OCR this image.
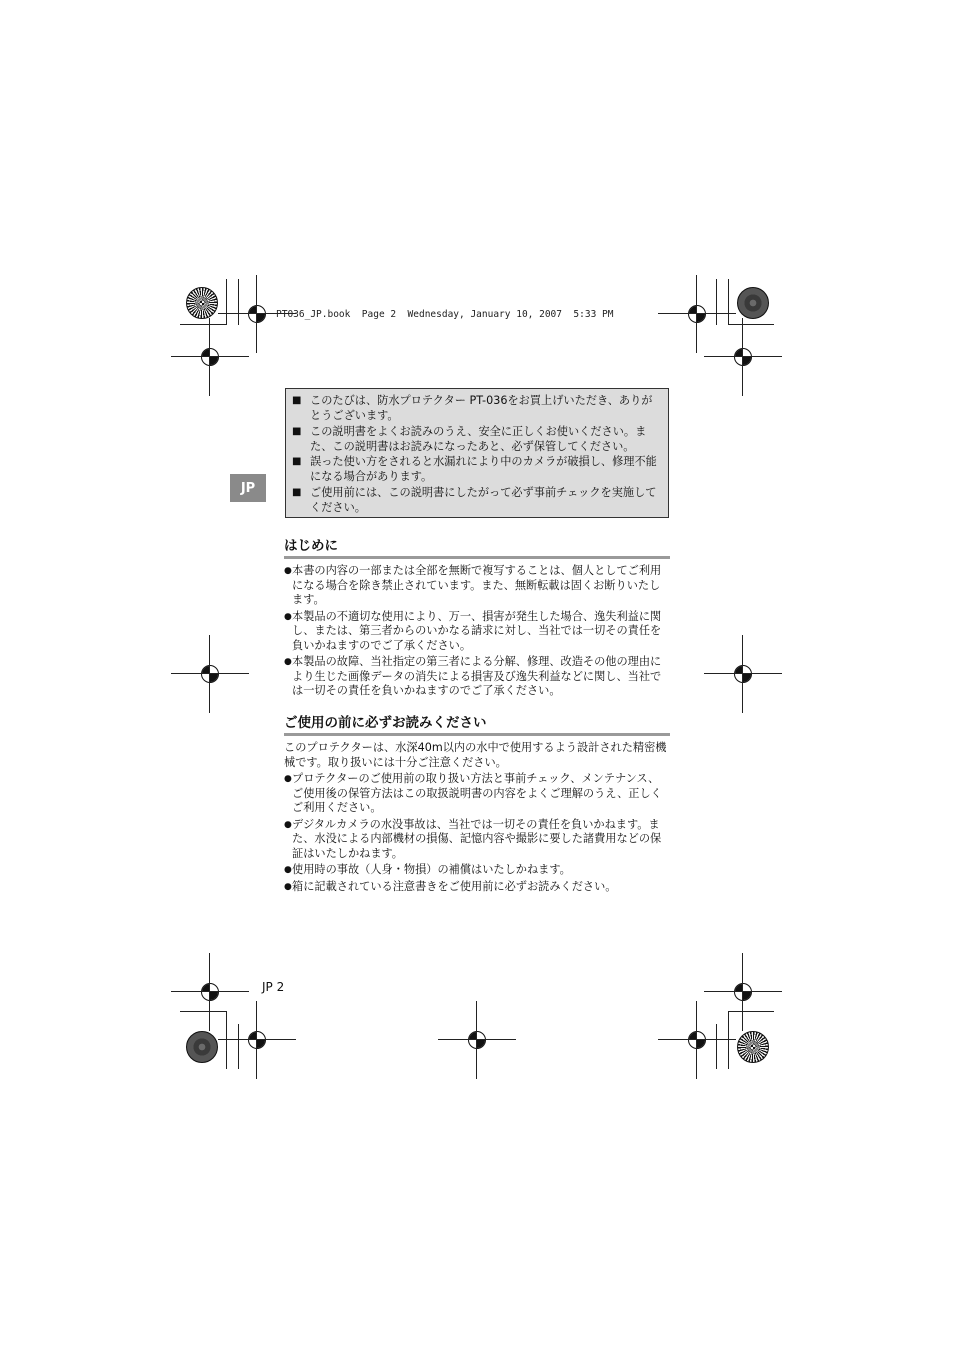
PT036_JP.book  Page 2  Wednesday, January 10, 2007  5:33 PM
JP
■ このたびは、防水プロテクター PT-036をお買上げいただき、ありがとうございます。
■ この説明書をよくお読みのうえ、安全に正しくお使いください。また、この説明書はお読みになったあと、必ず保管してください。
■ 誤った使い方をされると水漏れにより中のカメラが破損し、修理不能になる場合があります。
■ ご使用前には、この説明書にしたがって必ず事前チェックを実施してください。
はじめに
● 本書の内容の一部または全部を無断で複写することは、個人としてご利用になる場合を除き禁止されています。また、無断転載は固くお断りいたします。
● 本製品の不適切な使用により、万一、損害が発生した場合、逸失利益に関し、または、第三者からのいかなる請求に対し、当社では一切その責任を負いかねますのでご了承ください。
● 本製品の故障、当社指定の第三者による分解、修理、改造その他の理由により生じた画像データの消失による損害及び逸失利益などに関し、当社では一切その責任を負いかねますのでご了承ください。
ご使用の前に必ずお読みください
このプロテクターは、水深40m以内の水中で使用するよう設計された精密機械です。取り扱いには十分ご注意ください。
● プロテクターのご使用前の取り扱い方法と事前チェック、メンテナンス、ご使用後の保管方法はこの取扱説明書の内容をよくご理解のうえ、正しくご利用ください。
● デジタルカメラの水没事故は、当社では一切その責任を負いかねます。また、水没による内部機材の損傷、記憶内容や撮影に要した諸費用などの保証はいたしかねます。
● 使用時の事故（人身・物損）の補償はいたしかねます。
● 箱に記載されている注意書きをご使用前に必ずお読みください。
JP 2
